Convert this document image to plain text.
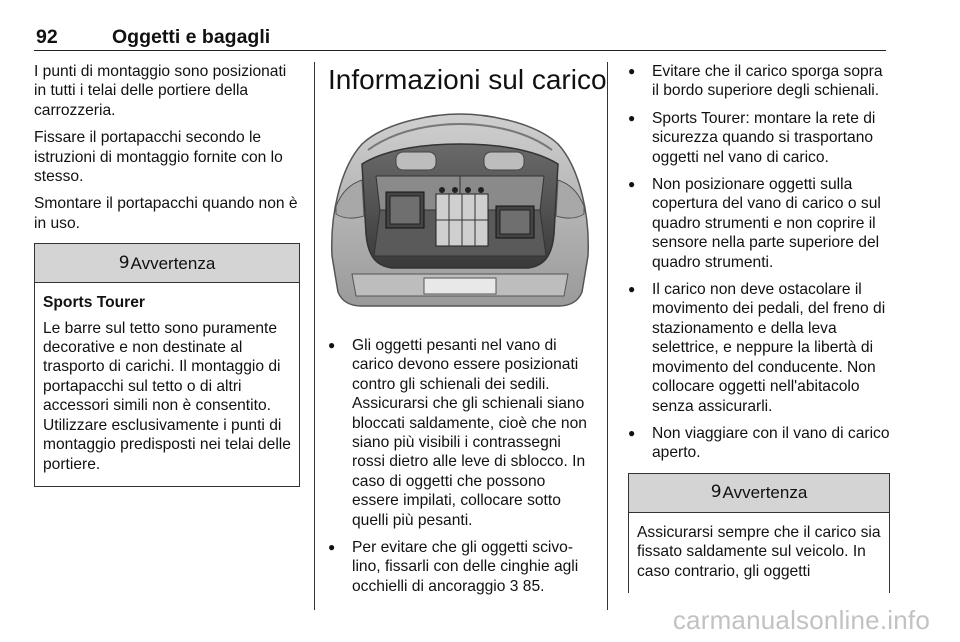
92	Oggetti e bagagli

I punti di montaggio sono posizionati in tutti i telai delle portiere della carrozzeria.

Fissare il portapacchi secondo le istruzioni di montaggio fornite con lo stesso.

Smontare il portapacchi quando non è in uso.

9 Avvertenza

Sports Tourer

Le barre sul tetto sono puramente decorative e non destinate al trasporto di carichi. Il montaggio di portapacchi sul tetto o di altri accessori simili non è consentito. Utilizzare esclusivamente i punti di montaggio predisposti nei telai delle portiere.

Informazioni sul carico
● Gli oggetti pesanti nel vano di carico devono essere posizionati contro gli schienali dei sedili. Assicurarsi che gli schienali siano bloccati saldamente, cioè che non siano più visibili i contrassegni rossi dietro alle leve di sblocco. In caso di oggetti che possono essere impilati, collocare sotto quelli più pesanti.
● Per evitare che gli oggetti scivolino, fissarli con delle cinghie agli occhielli di ancoraggio 3 85.
● Evitare che il carico sporga sopra il bordo superiore degli schienali.
● Sports Tourer: montare la rete di sicurezza quando si trasportano oggetti nel vano di carico.
● Non posizionare oggetti sulla copertura del vano di carico o sul quadro strumenti e non coprire il sensore nella parte superiore del quadro strumenti.
● Il carico non deve ostacolare il movimento dei pedali, del freno di stazionamento e della leva selettrice, e neppure la libertà di movimento del conducente. Non collocare oggetti nell'abitacolo senza assicurarli.
● Non viaggiare con il vano di carico aperto.
9 Avvertenza

Assicurarsi sempre che il carico sia fissato saldamente sul veicolo. In caso contrario, gli oggetti

carmanualsonline.info
